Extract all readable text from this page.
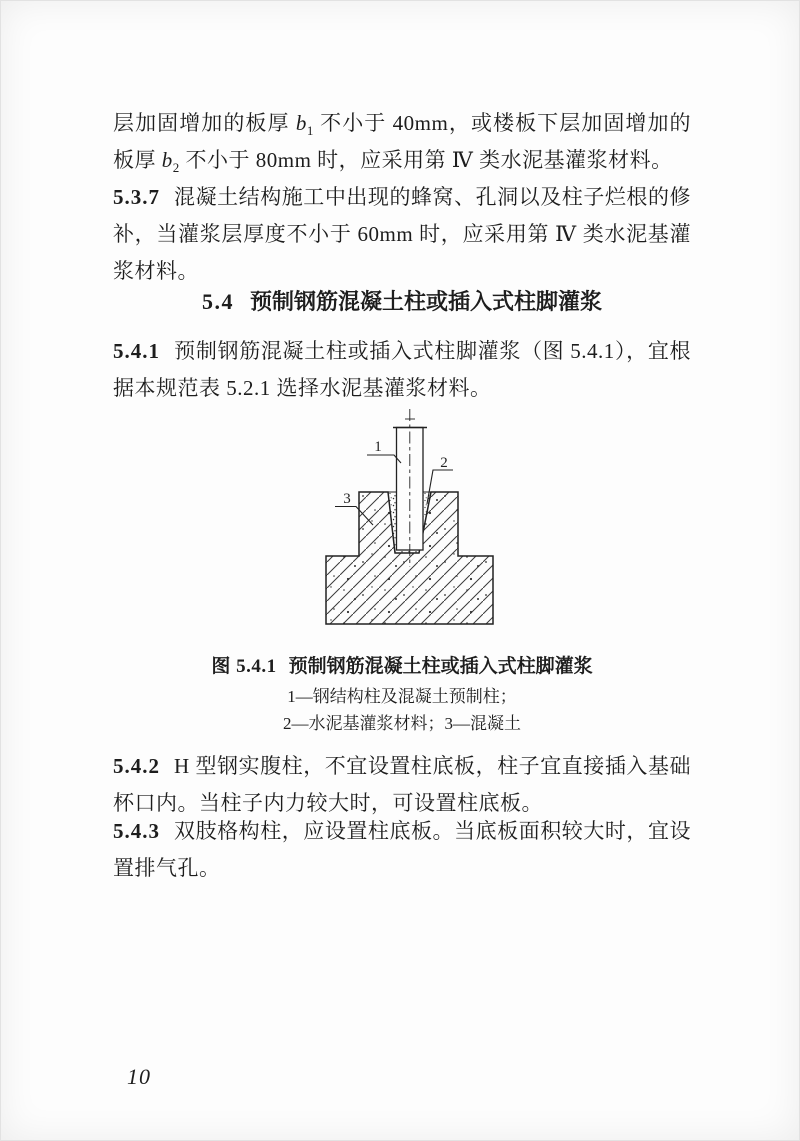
层加固增加的板厚 $b_1$ 不小于 40mm，或楼板下层加固增加的板厚 $b_2$ 不小于 80mm 时，应采用第 Ⅳ 类水泥基灌浆材料。

5.3.7 混凝土结构施工中出现的蜂窝、孔洞以及柱子烂根的修补，当灌浆层厚度不小于 60mm 时，应采用第 Ⅳ 类水泥基灌浆材料。

5.4 预制钢筋混凝土柱或插入式柱脚灌浆

5.4.1 预制钢筋混凝土柱或插入式柱脚灌浆（图 5.4.1），宜根据本规范表 5.2.1 选择水泥基灌浆材料。

1
2
3

图 5.4.1 预制钢筋混凝土柱或插入式柱脚灌浆

1—钢结构柱及混凝土预制柱；

2—水泥基灌浆材料；3—混凝土

5.4.2 H 型钢实腹柱，不宜设置柱底板，柱子宜直接插入基础杯口内。当柱子内力较大时，可设置柱底板。

5.4.3 双肢格构柱，应设置柱底板。当底板面积较大时，宜设置排气孔。

10
